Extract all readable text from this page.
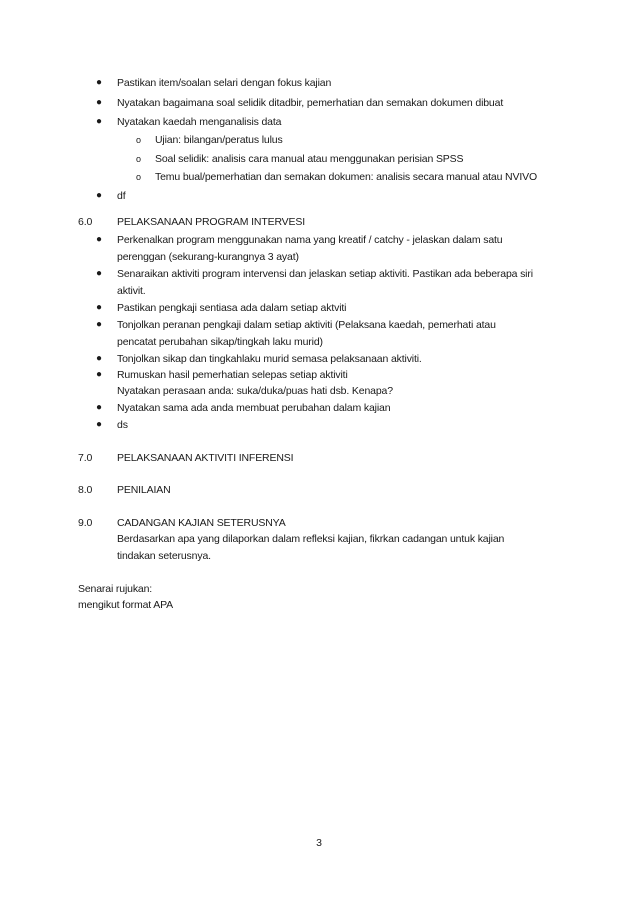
● Pastikan item/soalan selari dengan fokus kajian
● Nyatakan bagaimana soal selidik ditadbir, pemerhatian dan semakan dokumen dibuat
● Nyatakan kaedah menganalisis data
o Ujian: bilangan/peratus lulus
o Soal selidik: analisis cara manual atau menggunakan perisian SPSS
o Temu bual/pemerhatian dan semakan dokumen: analisis secara manual atau NVIVO
● df
6.0 PELAKSANAAN PROGRAM INTERVESI
● Perkenalkan program menggunakan nama yang kreatif / catchy - jelaskan dalam satu
perenggan (sekurang-kurangnya 3 ayat)
● Senaraikan aktiviti program intervensi dan jelaskan setiap aktiviti. Pastikan ada beberapa siri
aktivit.
● Pastikan pengkaji sentiasa ada dalam setiap aktviti
● Tonjolkan peranan pengkaji dalam setiap aktiviti (Pelaksana kaedah, pemerhati atau
pencatat perubahan sikap/tingkah laku murid)
● Tonjolkan sikap dan tingkahlaku murid semasa pelaksanaan aktiviti.
● Rumuskan hasil pemerhatian selepas setiap aktiviti
Nyatakan perasaan anda: suka/duka/puas hati dsb. Kenapa?
● Nyatakan sama ada anda membuat perubahan dalam kajian
● ds
7.0 PELAKSANAAN AKTIVITI INFERENSI
8.0 PENILAIAN
9.0 CADANGAN KAJIAN SETERUSNYA
Berdasarkan apa yang dilaporkan dalam refleksi kajian, fikrkan cadangan untuk kajian
tindakan seterusnya.
Senarai rujukan:
mengikut format APA
3
